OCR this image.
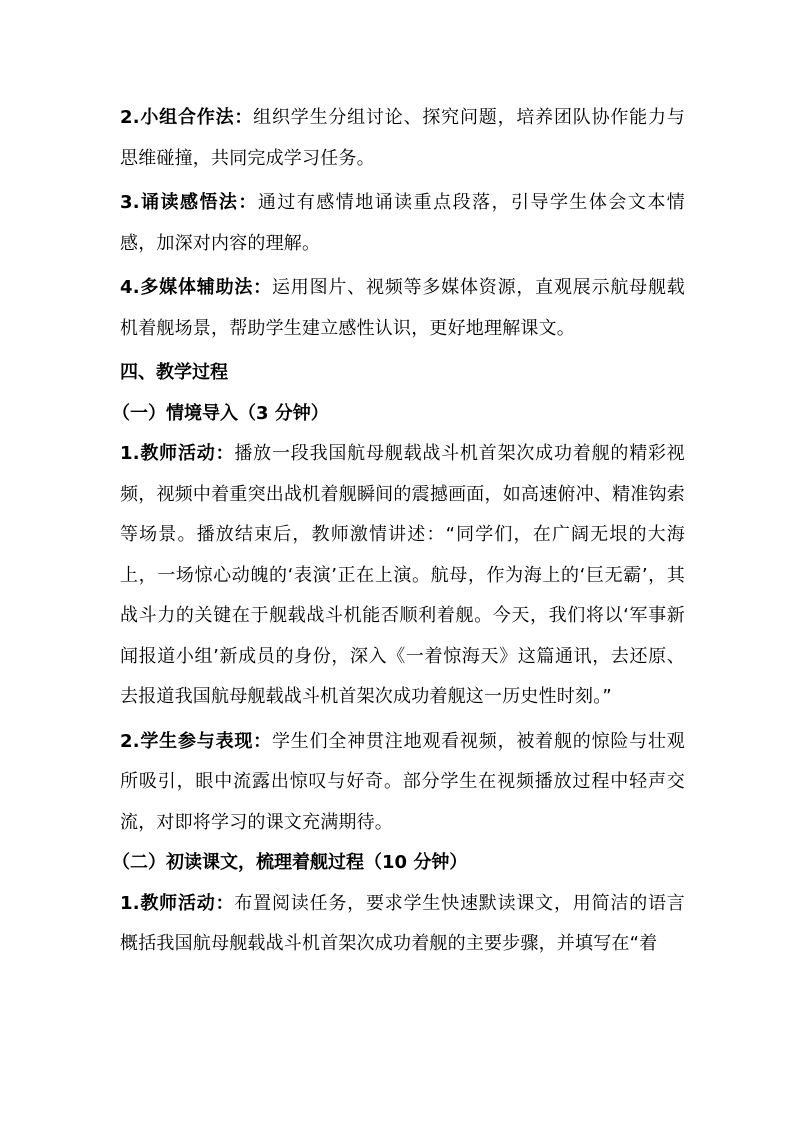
2.小组合作法：组织学生分组讨论、探究问题，培养团队协作能力与思维碰撞，共同完成学习任务。

3.诵读感悟法：通过有感情地诵读重点段落，引导学生体会文本情感，加深对内容的理解。

4.多媒体辅助法：运用图片、视频等多媒体资源，直观展示航母舰载机着舰场景，帮助学生建立感性认识，更好地理解课文。

四、教学过程

（一）情境导入（3 分钟）

1.教师活动：播放一段我国航母舰载战斗机首架次成功着舰的精彩视频，视频中着重突出战机着舰瞬间的震撼画面，如高速俯冲、精准钩索等场景。播放结束后，教师激情讲述：“同学们，在广阔无垠的大海上，一场惊心动魄的‘表演’正在上演。航母，作为海上的‘巨无霸’，其战斗力的关键在于舰载战斗机能否顺利着舰。今天，我们将以‘军事新闻报道小组’新成员的身份，深入《一着惊海天》这篇通讯，去还原、去报道我国航母舰载战斗机首架次成功着舰这一历史性时刻。”

2.学生参与表现：学生们全神贯注地观看视频，被着舰的惊险与壮观所吸引，眼中流露出惊叹与好奇。部分学生在视频播放过程中轻声交流，对即将学习的课文充满期待。

（二）初读课文，梳理着舰过程（10 分钟）

1.教师活动：布置阅读任务，要求学生快速默读课文，用简洁的语言概括我国航母舰载战斗机首架次成功着舰的主要步骤，并填写在“着
